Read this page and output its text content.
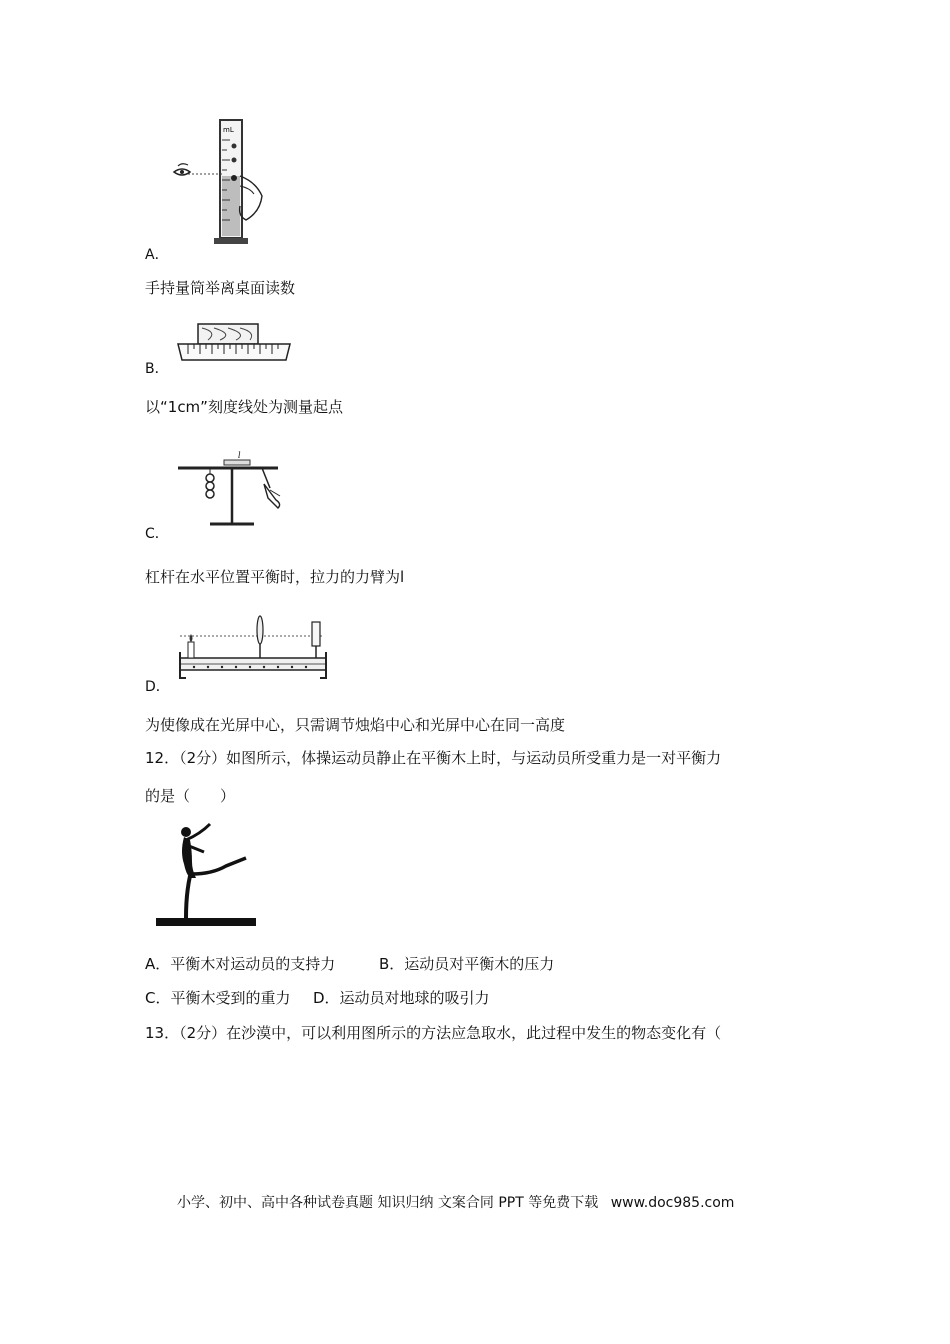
mL
A．
手持量筒举离桌面读数
B．
以“1cm”刻度线处为测量起点
l
C．
杠杆在水平位置平衡时，拉力的力臂为l
D．
为使像成在光屏中心，只需调节烛焰中心和光屏中心在同一高度
12．（2分）如图所示，体操运动员静止在平衡木上时，与运动员所受重力是一对平衡力
的是（　　）
A．平衡木对运动员的支持力	B．运动员对平衡木的压力
C．平衡木受到的重力 D．运动员对地球的吸引力
13．（2分）在沙漠中，可以利用图所示的方法应急取水，此过程中发生的物态变化有（
小学、初中、高中各种试卷真题 知识归纳 文案合同 PPT 等免费下载 www.doc985.com
